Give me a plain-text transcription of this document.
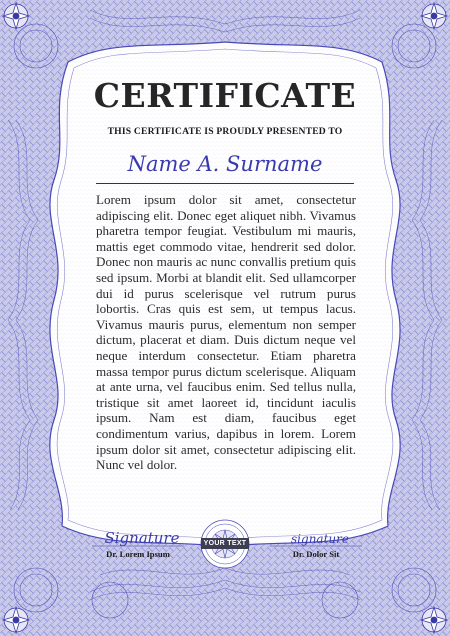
CERTIFICATE
THIS CERTIFICATE IS PROUDLY PRESENTED TO
Name A. Surname

Lorem ipsum dolor sit amet, consectetur adipiscing elit. Donec eget aliquet nibh. Vivamus pharetra tempor feugiat. Vestibulum mi mauris, mattis eget commodo vitae, hendrerit sed dolor. Donec non mauris ac nunc convallis pretium quis sed ipsum. Morbi at blandit elit. Sed ullamcorper dui id purus scelerisque vel rutrum purus lobortis. Cras quis est sem, ut tempus lacus. Vivamus mauris purus, elementum non semper dictum, placerat et diam. Duis dictum neque vel neque interdum consectetur. Etiam pharetra massa tempor purus dictum scelerisque. Aliquam at ante urna, vel faucibus enim. Sed tellus nulla, tristique sit amet laoreet id, tincidunt iaculis ipsum. Nam est diam, faucibus eget condimentum varius, dapibus in lorem. Lorem ipsum dolor sit amet, consectetur adipiscing elit. Nunc vel dolor.

Signature
Dr. Lorem Ipsum
YOUR TEXT	signature
Dr. Dolor Sit
